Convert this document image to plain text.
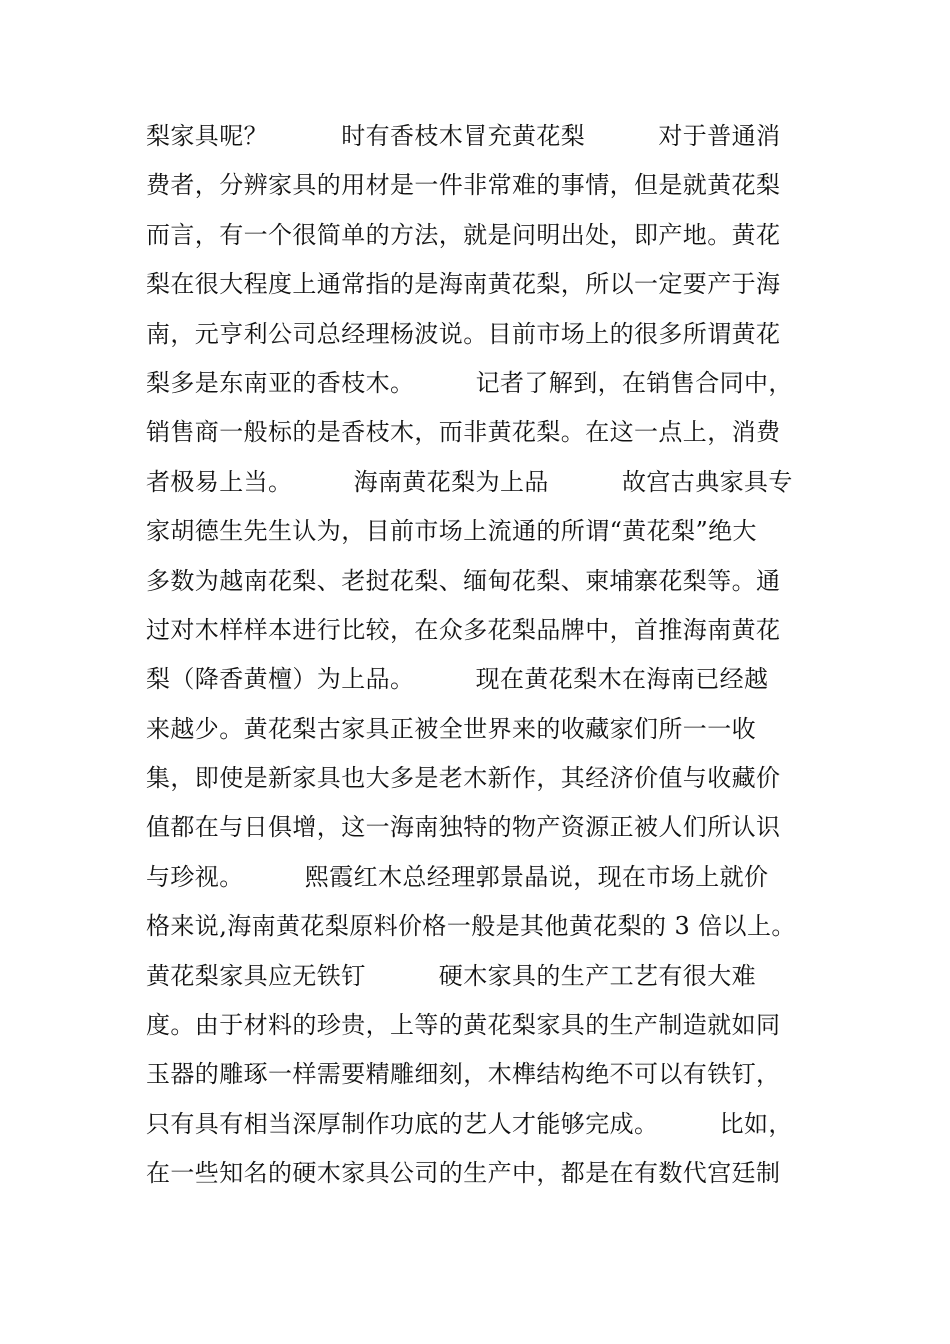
梨家具呢？　　　时有香枝木冒充黄花梨　　　对于普通消
费者，分辨家具的用材是一件非常难的事情，但是就黄花梨
而言，有一个很简单的方法，就是问明出处，即产地。黄花
梨在很大程度上通常指的是海南黄花梨，所以一定要产于海
南，元亨利公司总经理杨波说。目前市场上的很多所谓黄花
梨多是东南亚的香枝木。　　　记者了解到，在销售合同中，
销售商一般标的是香枝木，而非黄花梨。在这一点上，消费
者极易上当。　　　海南黄花梨为上品　　　故宫古典家具专
家胡德生先生认为，目前市场上流通的所谓“黄花梨”绝大
多数为越南花梨、老挝花梨、缅甸花梨、柬埔寨花梨等。通
过对木样样本进行比较，在众多花梨品牌中，首推海南黄花
梨（降香黄檀）为上品。　　　现在黄花梨木在海南已经越
来越少。黄花梨古家具正被全世界来的收藏家们所一一收
集，即使是新家具也大多是老木新作，其经济价值与收藏价
值都在与日俱增，这一海南独特的物产资源正被人们所认识
与珍视。　　　熙霞红木总经理郭景晶说，现在市场上就价
格来说,海南黄花梨原料价格一般是其他黄花梨的 3 倍以上。
黄花梨家具应无铁钉　　　硬木家具的生产工艺有很大难
度。由于材料的珍贵，上等的黄花梨家具的生产制造就如同
玉器的雕琢一样需要精雕细刻，木榫结构绝不可以有铁钉，
只有具有相当深厚制作功底的艺人才能够完成。　　　比如，
在一些知名的硬木家具公司的生产中，都是在有数代宫廷制
